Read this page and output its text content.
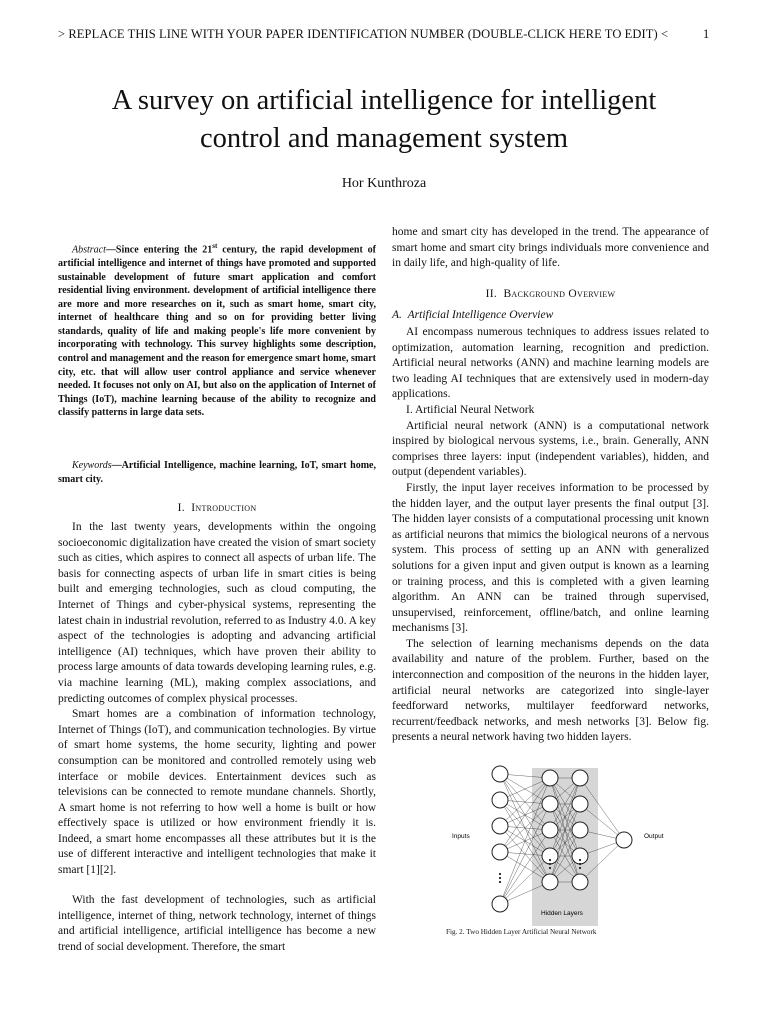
> REPLACE THIS LINE WITH YOUR PAPER IDENTIFICATION NUMBER (DOUBLE-CLICK HERE TO EDIT) <	1
A survey on artificial intelligence for intelligent
control and management system
Hor Kunthroza

Abstract—Since entering the 21st century, the rapid development of artificial intelligence and internet of things have promoted and supported sustainable development of future smart application and comfort residential living environment. development of artificial intelligence there are more and more researches on it, such as smart home, smart city, internet of healthcare thing and so on for providing better living standards, quality of life and making people's life more convenient by incorporating with technology. This survey highlights some description, control and management and the reason for emergence smart home, smart city, etc. that will allow user control appliance and service whenever needed. It focuses not only on AI, but also on the application of Internet of Things (IoT), machine learning because of the ability to recognize and classify patterns in large data sets.

Keywords—Artificial Intelligence, machine learning, IoT, smart home, smart city.

I. Introduction

In the last twenty years, developments within the ongoing socioeconomic digitalization have created the vision of smart society such as cities, which aspires to connect all aspects of urban life. The basis for connecting aspects of urban life in smart cities is being built and emerging technologies, such as cloud computing, the Internet of Things and cyber-physical systems, representing the latest chain in industrial revolution, referred to as Industry 4.0. A key aspect of the technologies is adopting and advancing artificial intelligence (AI) techniques, which have proven their ability to process large amounts of data towards developing learning rules, e.g. via machine learning (ML), making complex associations, and predicting outcomes of complex physical processes.

Smart homes are a combination of information technology, Internet of Things (IoT), and communication technologies. By virtue of smart home systems, the home security, lighting and power consumption can be monitored and controlled remotely using web interface or mobile devices. Entertainment devices such as televisions can be connected to remote mundane channels. Shortly, A smart home is not referring to how well a home is built or how effectively space is utilized or how environment friendly it is. Indeed, a smart home encompasses all these attributes but it is the use of different interactive and intelligent technologies that make it smart [1][2].

With the fast development of technologies, such as artificial intelligence, internet of thing, network technology, internet of things and artificial intelligence, artificial intelligence has become a new trend of social development. Therefore, the smart

home and smart city has developed in the trend. The appearance of smart home and smart city brings individuals more convenience and in daily life, and high-quality of life.

II. Background Overview
A. Artificial Intelligence Overview

AI encompass numerous techniques to address issues related to optimization, automation learning, recognition and prediction. Artificial neural networks (ANN) and machine learning models are two leading AI techniques that are extensively used in modern-day applications.

I. Artificial Neural Network

Artificial neural network (ANN) is a computational network inspired by biological nervous systems, i.e., brain. Generally, ANN comprises three layers: input (independent variables), hidden, and output (dependent variables).

Firstly, the input layer receives information to be processed by the hidden layer, and the output layer presents the final output [3]. The hidden layer consists of a computational processing unit known as artificial neurons that mimics the biological neurons of a nervous system. This process of setting up an ANN with generalized solutions for a given input and given output is known as a learning or training process, and this is completed with a given learning algorithm. An ANN can be trained through supervised, unsupervised, reinforcement, offline/batch, and online learning mechanisms [3].

The selection of learning mechanisms depends on the data availability and nature of the problem. Further, based on the interconnection and composition of the neurons in the hidden layer, artificial neural networks are categorized into single-layer feedforward networks, multilayer feedforward networks, recurrent/feedback networks, and mesh networks [3]. Below fig. presents a neural network having two hidden layers.

Inputs	Output
Hidden Layers
Fig. 2. Two Hidden Layer Artificial Neural Network
